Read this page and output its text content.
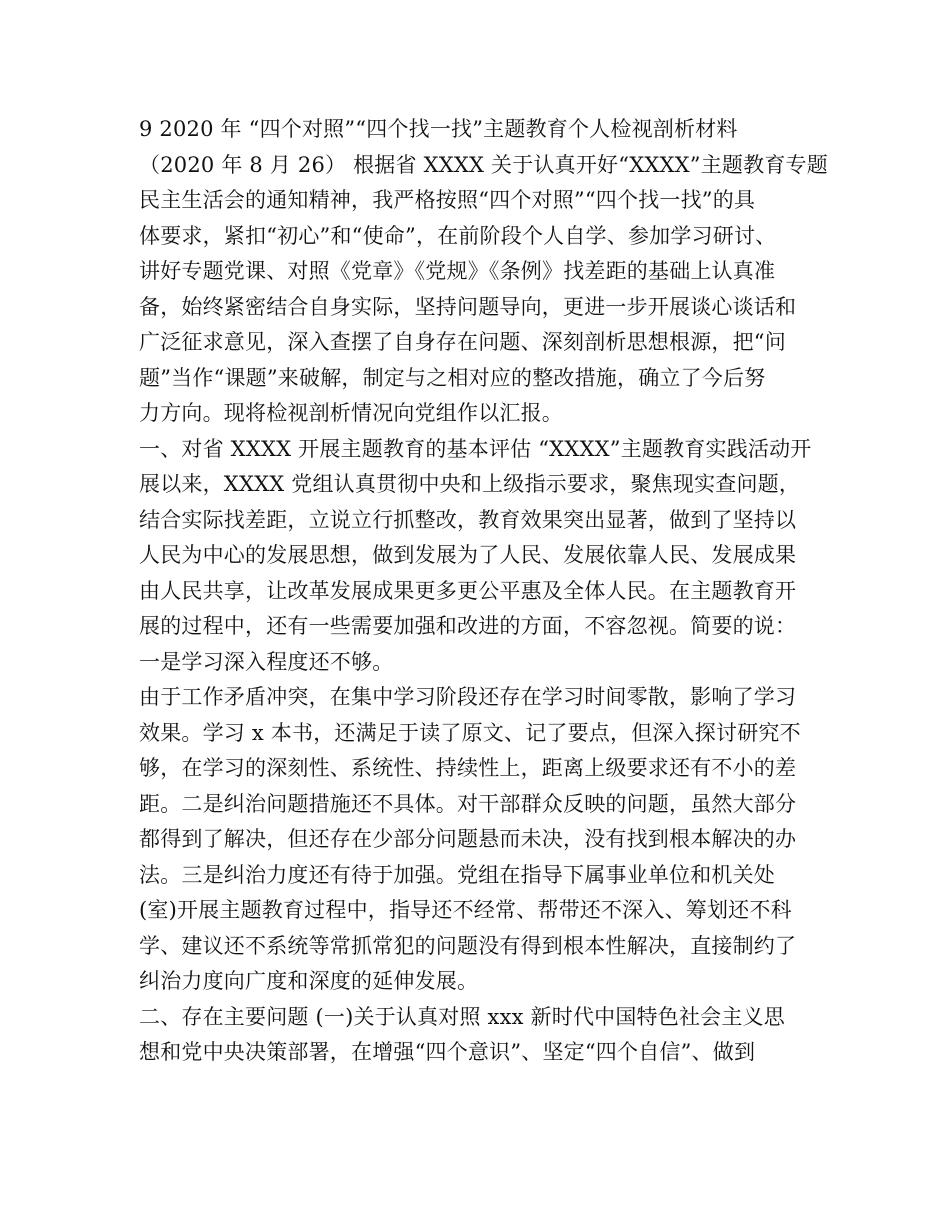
9 2020 年 “四个对照”“四个找一找”主题教育个人检视剖析材料
（2020 年 8 月 26） 根据省 XXXX 关于认真开好“XXXX”主题教育专题
民主生活会的通知精神，我严格按照“四个对照”“四个找一找”的具
体要求，紧扣“初心”和“使命”，在前阶段个人自学、参加学习研讨、
讲好专题党课、对照《党章》《党规》《条例》找差距的基础上认真准
备，始终紧密结合自身实际，坚持问题导向，更进一步开展谈心谈话和
广泛征求意见，深入查摆了自身存在问题、深刻剖析思想根源，把“问
题”当作“课题”来破解，制定与之相对应的整改措施，确立了今后努
力方向。现将检视剖析情况向党组作以汇报。
一、对省 XXXX 开展主题教育的基本评估 “XXXX”主题教育实践活动开
展以来，XXXX 党组认真贯彻中央和上级指示要求，聚焦现实查问题，
结合实际找差距，立说立行抓整改，教育效果突出显著，做到了坚持以
人民为中心的发展思想，做到发展为了人民、发展依靠人民、发展成果
由人民共享，让改革发展成果更多更公平惠及全体人民。在主题教育开
展的过程中，还有一些需要加强和改进的方面，不容忽视。简要的说：
一是学习深入程度还不够。
由于工作矛盾冲突，在集中学习阶段还存在学习时间零散，影响了学习
效果。学习 x 本书，还满足于读了原文、记了要点，但深入探讨研究不
够，在学习的深刻性、系统性、持续性上，距离上级要求还有不小的差
距。二是纠治问题措施还不具体。对干部群众反映的问题，虽然大部分
都得到了解决，但还存在少部分问题悬而未决，没有找到根本解决的办
法。三是纠治力度还有待于加强。党组在指导下属事业单位和机关处
(室)开展主题教育过程中，指导还不经常、帮带还不深入、筹划还不科
学、建议还不系统等常抓常犯的问题没有得到根本性解决，直接制约了
纠治力度向广度和深度的延伸发展。
二、存在主要问题 (一)关于认真对照 xxx 新时代中国特色社会主义思
想和党中央决策部署，在增强“四个意识”、坚定“四个自信”、做到
